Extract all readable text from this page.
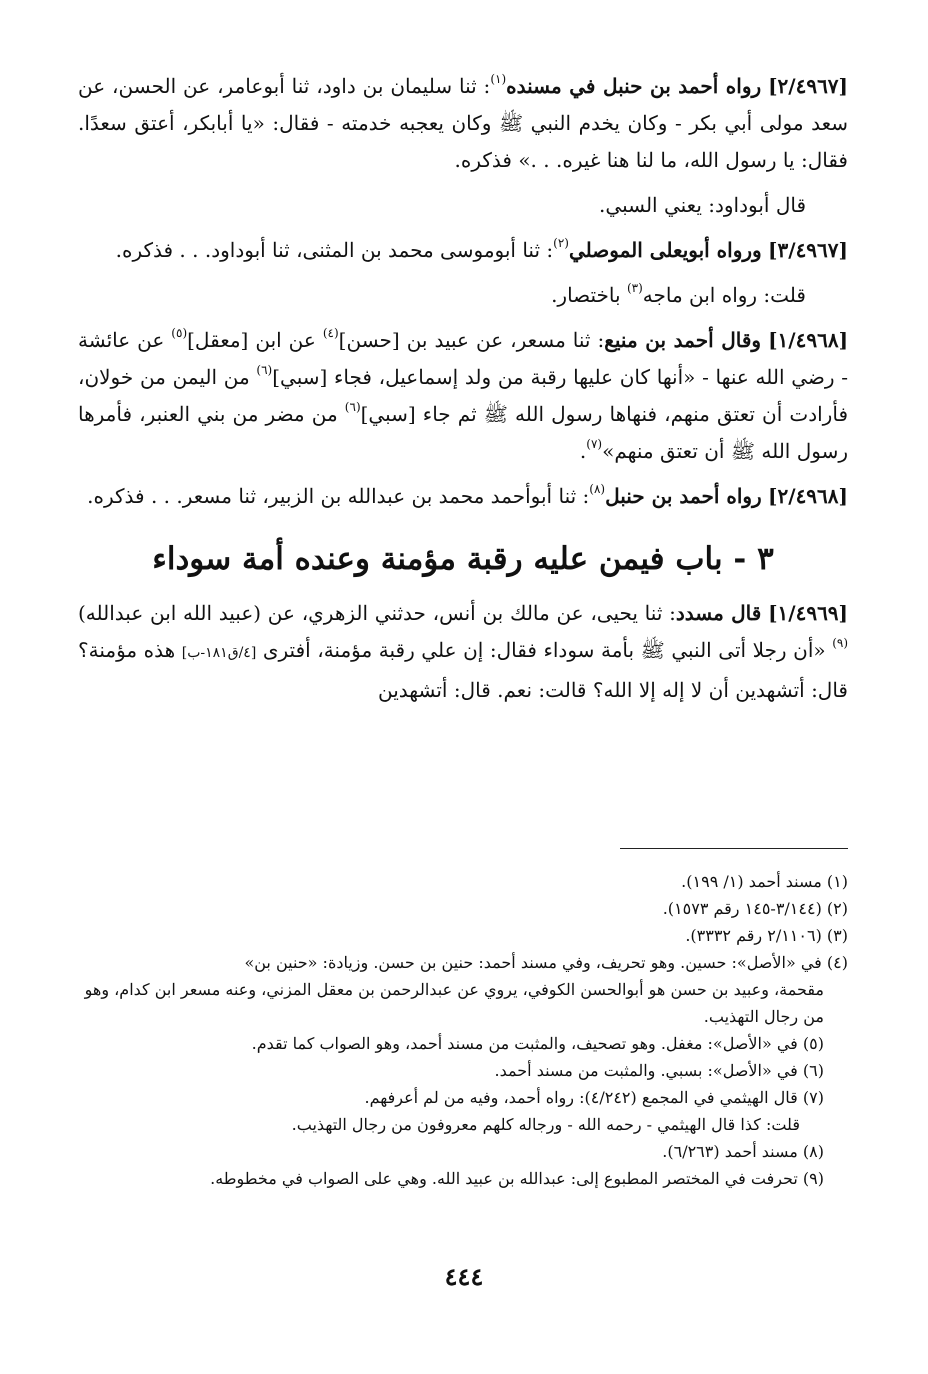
[٢/٤٩٦٧] رواه أحمد بن حنبل في مسنده$^{(١)}$: ثنا سليمان بن داود، ثنا أبوعامر، عن الحسن، عن سعد مولى أبي بكر - وكان يخدم النبي ﷺ وكان يعجبه خدمته - فقال: «يا أبابكر، أعتق سعدًا. فقال: يا رسول الله، ما لنا هنا غيره. . .» فذكره.

قال أبوداود: يعني السبي.

[٣/٤٩٦٧] ورواه أبويعلى الموصلي$^{(٢)}$: ثنا أبوموسى محمد بن المثنى، ثنا أبوداود. . . فذكره.

قلت: رواه ابن ماجه$^{(٣)}$ باختصار.

[١/٤٩٦٨] وقال أحمد بن منيع: ثنا مسعر، عن عبيد بن [حسن]$^{(٤)}$ عن ابن [معقل]$^{(٥)}$ عن عائشة - رضي الله عنها - «أنها كان عليها رقبة من ولد إسماعيل، فجاء [سبي]$^{(٦)}$ من اليمن من خولان، فأرادت أن تعتق منهم، فنهاها رسول الله ﷺ ثم جاء [سبي]$^{(٦)}$ من مضر من بني العنبر، فأمرها رسول الله ﷺ أن تعتق منهم»$^{(٧)}$.

[٢/٤٩٦٨] رواه أحمد بن حنبل$^{(٨)}$: ثنا أبوأحمد محمد بن عبدالله بن الزبير، ثنا مسعر. . . فذكره.

٣ - باب فيمن عليه رقبة مؤمنة وعنده أمة سوداء

[١/٤٩٦٩] قال مسدد: ثنا يحيى، عن مالك بن أنس، حدثني الزهري، عن (عبيد الله ابن عبدالله)$^{(٩)}$ «أن رجلا أتى النبي ﷺ بأمة سوداء فقال: إن علي رقبة مؤمنة، أفترى [٤/ق١٨١-ب] هذه مؤمنة؟ قال: أتشهدين أن لا إله إلا الله؟ قالت: نعم. قال: أتشهدين

(١) مسند أحمد (١/ ١٩٩).

(٢) (٣/١٤٤-١٤٥ رقم ١٥٧٣).

(٣) (٢/١١٠٦ رقم ٣٣٣٢).

(٤) في «الأصل»: حسين. وهو تحريف، وفي مسند أحمد: حنين بن حسن. وزيادة: «حنين بن»
مقحمة، وعبيد بن حسن هو أبوالحسن الكوفي، يروي عن عبدالرحمن بن معقل المزني، وعنه مسعر ابن كدام، وهو من رجال التهذيب.

(٥) في «الأصل»: مغفل. وهو تصحيف، والمثبت من مسند أحمد، وهو الصواب كما تقدم.

(٦) في «الأصل»: بسبي. والمثبت من مسند أحمد.

(٧) قال الهيثمي في المجمع (٤/٢٤٢): رواه أحمد، وفيه من لم أعرفهم.

قلت: كذا قال الهيثمي - رحمه الله - ورجاله كلهم معروفون من رجال التهذيب.

(٨) مسند أحمد (٦/٢٦٣).

(٩) تحرفت في المختصر المطبوع إلى: عبدالله بن عبيد الله. وهي على الصواب في مخطوطه.

٤٤٤
